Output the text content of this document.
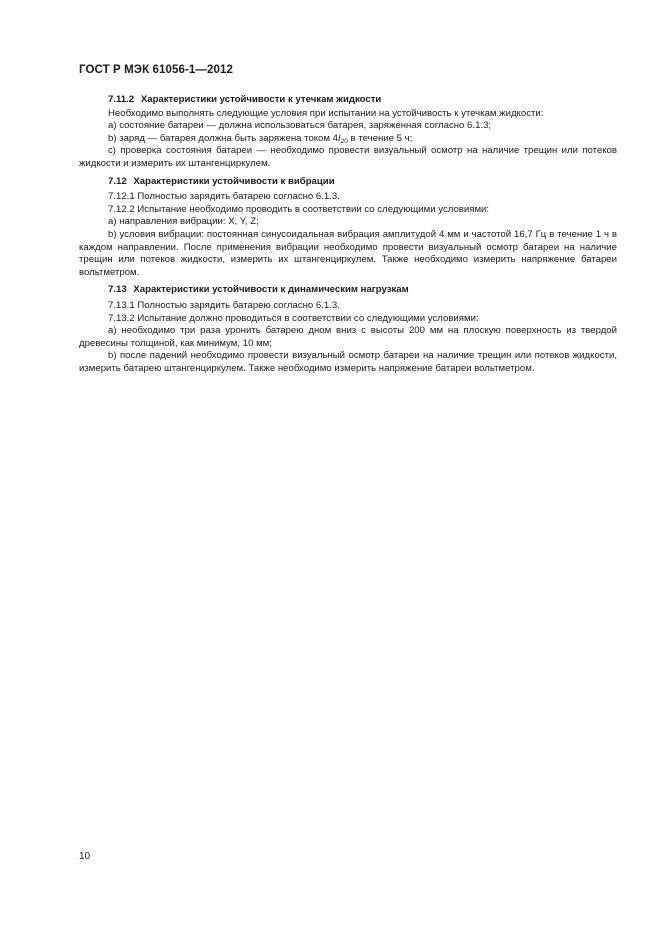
ГОСТ Р МЭК 61056-1—2012

7.11.2 Характеристики устойчивости к утечкам жидкости

Необходимо выполнять следующие условия при испытании на устойчивость к утечкам жидкости:

a) состояние батареи — должна использоваться батарея, заряженная согласно 6.1.3;

b) заряд — батарея должна быть заряжена током $4I_{20}$ в течение 5 ч;

c) проверка состояния батареи — необходимо провести визуальный осмотр на наличие трещин или потеков жидкости и измерить их штангенциркулем.

7.12 Характеристики устойчивости к вибрации

7.12.1 Полностью зарядить батарею согласно 6.1.3.

7.12.2 Испытание необходимо проводить в соответствии со следующими условиями:

a) направления вибрации: X, Y, Z;

b) условия вибрации: постоянная синусоидальная вибрация амплитудой 4 мм и частотой 16,7 Гц в течение 1 ч в каждом направлении. После применения вибрации необходимо провести визуальный осмотр батареи на наличие трещин или потеков жидкости, измерить их штангенциркулем. Также необходимо измерить напряжение батареи вольтметром.

7.13 Характеристики устойчивости к динамическим нагрузкам

7.13.1 Полностью зарядить батарею согласно 6.1.3.

7.13.2 Испытание должно проводиться в соответствии со следующими условиями:

a) необходимо три раза уронить батарею дном вниз с высоты 200 мм на плоскую поверхность из твердой древесины толщиной, как минимум, 10 мм;

b) после падений необходимо провести визуальный осмотр батареи на наличие трещин или потеков жидкости, измерить батарею штангенциркулем. Также необходимо измерить напряжение батареи вольтметром.

10
